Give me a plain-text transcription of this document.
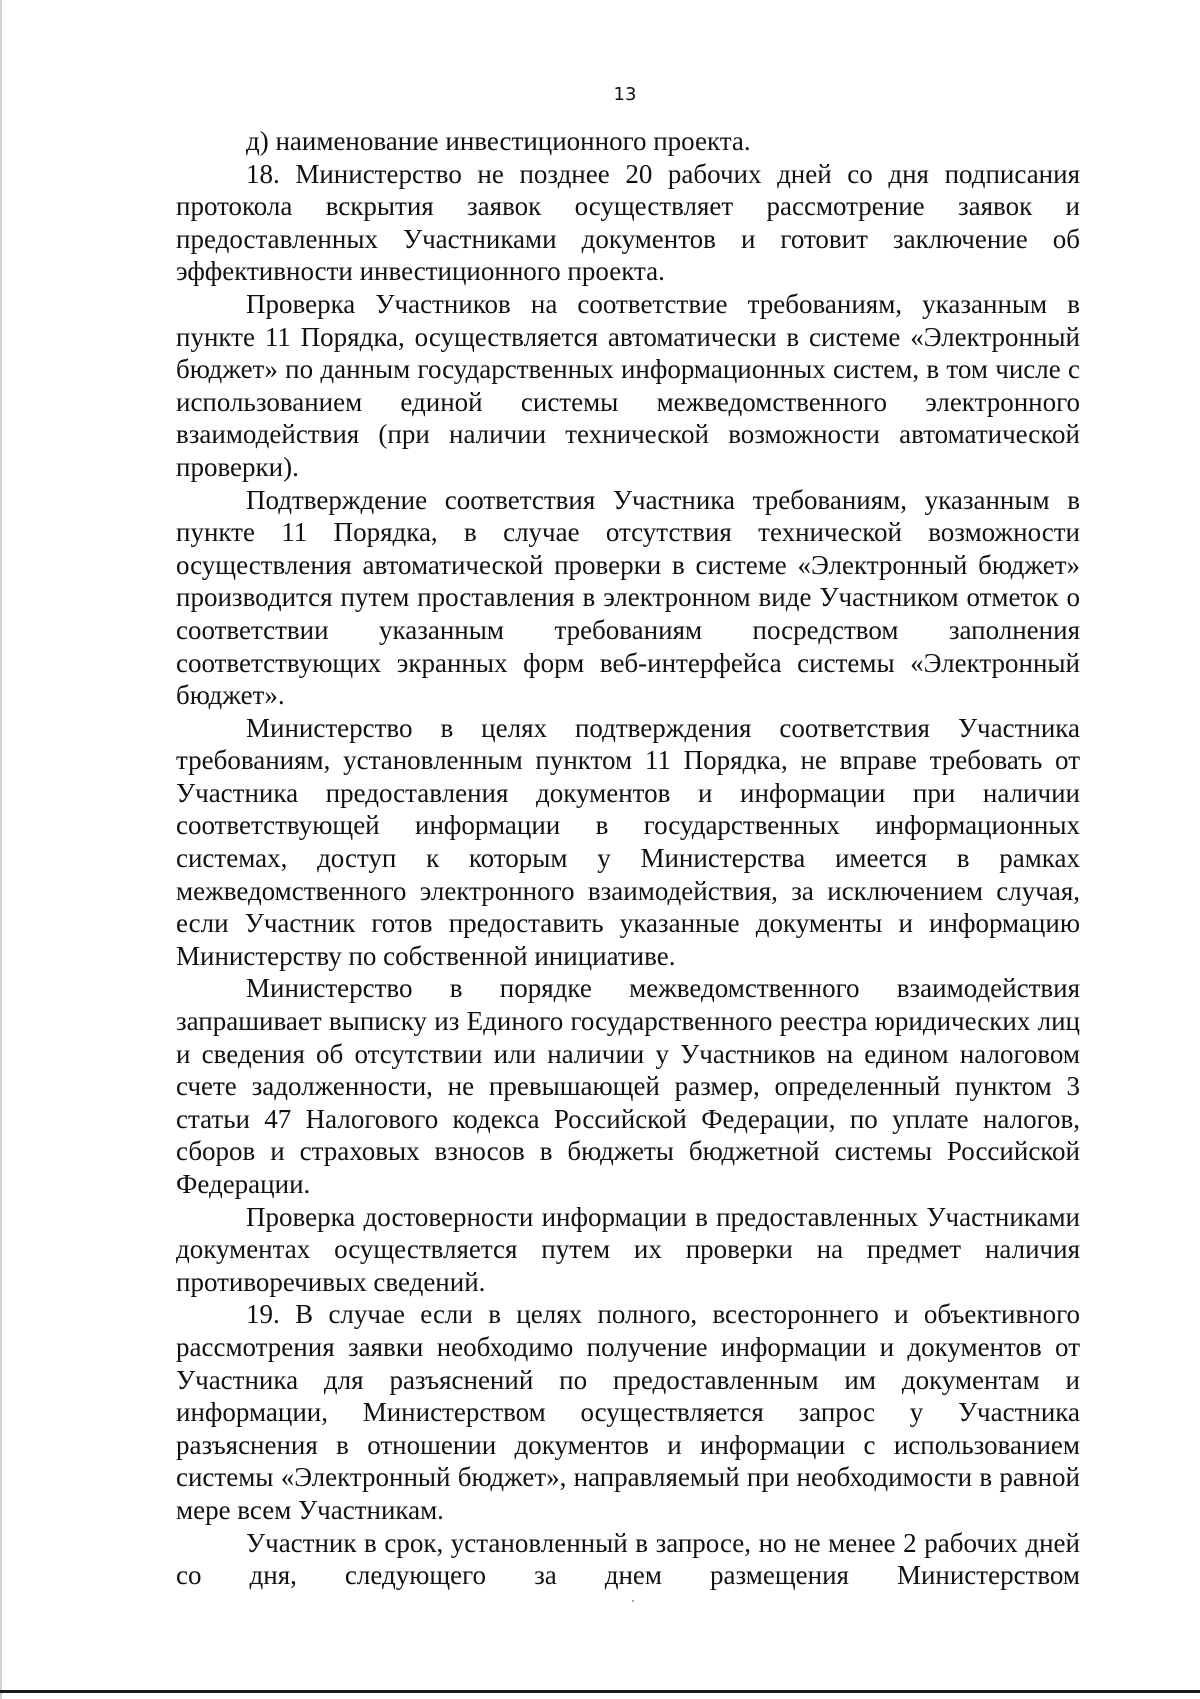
13

д) наименование инвестиционного проекта.

18. Министерство не позднее 20 рабочих дней со дня подписания протокола вскрытия заявок осуществляет рассмотрение заявок и предоставленных Участниками документов и готовит заключение об эффективности инвестиционного проекта.

Проверка Участников на соответствие требованиям, указанным в пункте 11 Порядка, осуществляется автоматически в системе «Электронный бюджет» по данным государственных информационных систем, в том числе с использованием единой системы межведомственного электронного взаимодействия (при наличии технической возможности автоматической проверки).

Подтверждение соответствия Участника требованиям, указанным в пункте 11 Порядка, в случае отсутствия технической возможности осуществления автоматической проверки в системе «Электронный бюджет» производится путем проставления в электронном виде Участником отметок о соответствии указанным требованиям посредством заполнения соответствующих экранных форм веб-интерфейса системы «Электронный бюджет».

Министерство в целях подтверждения соответствия Участника требованиям, установленным пунктом 11 Порядка, не вправе требовать от Участника предоставления документов и информации при наличии соответствующей информации в государственных информационных системах, доступ к которым у Министерства имеется в рамках межведомственного электронного взаимодействия, за исключением случая, если Участник готов предоставить указанные документы и информацию Министерству по собственной инициативе.

Министерство в порядке межведомственного взаимодействия запрашивает выписку из Единого государственного реестра юридических лиц и сведения об отсутствии или наличии у Участников на едином налоговом счете задолженности, не превышающей размер, определенный пунктом 3 статьи 47 Налогового кодекса Российской Федерации, по уплате налогов, сборов и страховых взносов в бюджеты бюджетной системы Российской Федерации.

Проверка достоверности информации в предоставленных Участниками документах осуществляется путем их проверки на предмет наличия противоречивых сведений.

19. В случае если в целях полного, всестороннего и объективного рассмотрения заявки необходимо получение информации и документов от Участника для разъяснений по предоставленным им документам и информации, Министерством осуществляется запрос у Участника разъяснения в отношении документов и информации с использованием системы «Электронный бюджет», направляемый при необходимости в равной мере всем Участникам.

Участник в срок, установленный в запросе, но не менее 2 рабочих дней со дня, следующего за днем размещения Министерством
